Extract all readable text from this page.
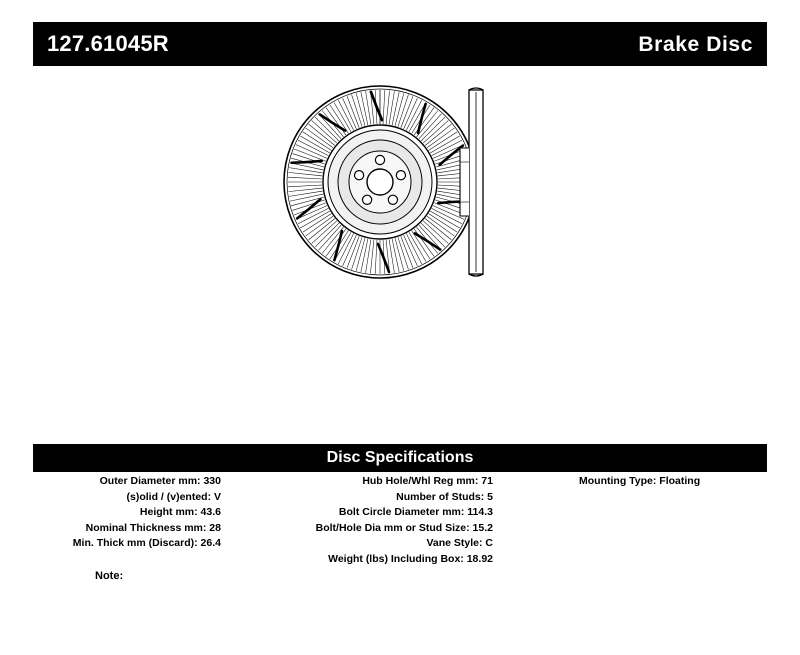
127.61045R	Brake Disc
Disc Specifications
Outer Diameter mm: 330
(s)olid / (v)ented: V
Height mm: 43.6
Nominal Thickness mm: 28
Min. Thick mm (Discard): 26.4
Hub Hole/Whl Reg mm: 71
Number of Studs: 5
Bolt Circle Diameter mm: 114.3
Bolt/Hole Dia mm or Stud Size: 15.2
Vane Style: C
Weight (lbs) Including Box: 18.92
Mounting Type: Floating
Note:
